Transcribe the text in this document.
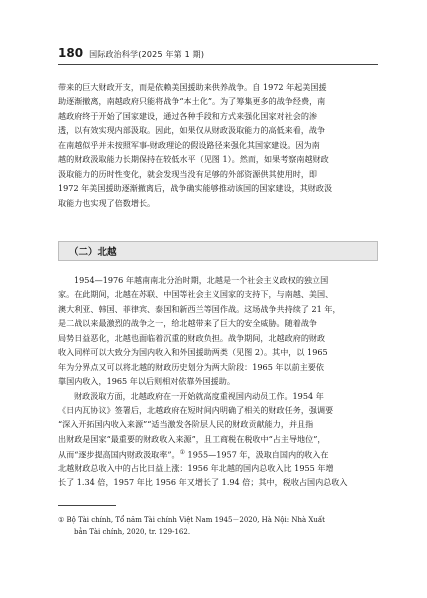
180 国际政治科学(2025 年第 1 期)
带来的巨大财政开支，而是依赖美国援助来供养战争。自 1972 年起美国援
助逐渐撤离，南越政府只能将战争“本土化”。为了筹集更多的战争经费，南
越政府终于开始了国家建设，通过各种手段和方式来强化国家对社会的渗
透，以有效实现内部汲取。因此，如果仅从财政汲取能力的高低来看，战争
在南越似乎并未按照军事-财政理论的假设路径来强化其国家建设。因为南
越的财政汲取能力长期保持在较低水平（见图 1）。然而，如果考察南越财政
汲取能力的历时性变化，就会发现当没有足够的外部资源供其使用时，即
1972 年美国援助逐渐撤离后，战争确实能够推动该国的国家建设，其财政汲
取能力也实现了倍数增长。
（二）北越
1954—1976 年越南南北分治时期，北越是一个社会主义政权的独立国
家。在此期间，北越在苏联、中国等社会主义国家的支持下，与南越、美国、
澳大利亚、韩国、菲律宾、泰国和新西兰等国作战。这场战争共持续了 21 年，
是二战以来最激烈的战争之一，给北越带来了巨大的安全威胁。随着战争
局势日益恶化，北越也面临着沉重的财政负担。战争期间，北越政府的财政
收入同样可以大致分为国内收入和外国援助两类（见图 2）。其中，以 1965
年为分界点又可以将北越的财政历史划分为两大阶段：1965 年以前主要依
靠国内收入，1965 年以后则相对依靠外国援助。
财政汲取方面，北越政府在一开始就高度重视国内动员工作。1954 年
《日内瓦协议》签署后，北越政府在短时间内明确了相关的财政任务，强调要
“深入开拓国内收入来源”“适当激发各阶层人民的财政贡献能力，并且指
出财政是国家“最重要的财政收入来源”，且工商税在税收中“占主导地位”，
从而“逐步提高国内财政汲取率”。① 1955—1957 年，汲取自国内的收入在
北越财政总收入中的占比日益上涨：1956 年北越的国内总收入比 1955 年增
长了 1.34 倍，1957 年比 1956 年又增长了 1.94 倍；其中，税收占国内总收入
① Bộ Tài chính, Tổ năm Tài chính Việt Nam 1945－2020, Hà Nội: Nhà Xuất
bản Tài chính, 2020, tr. 129-162.
